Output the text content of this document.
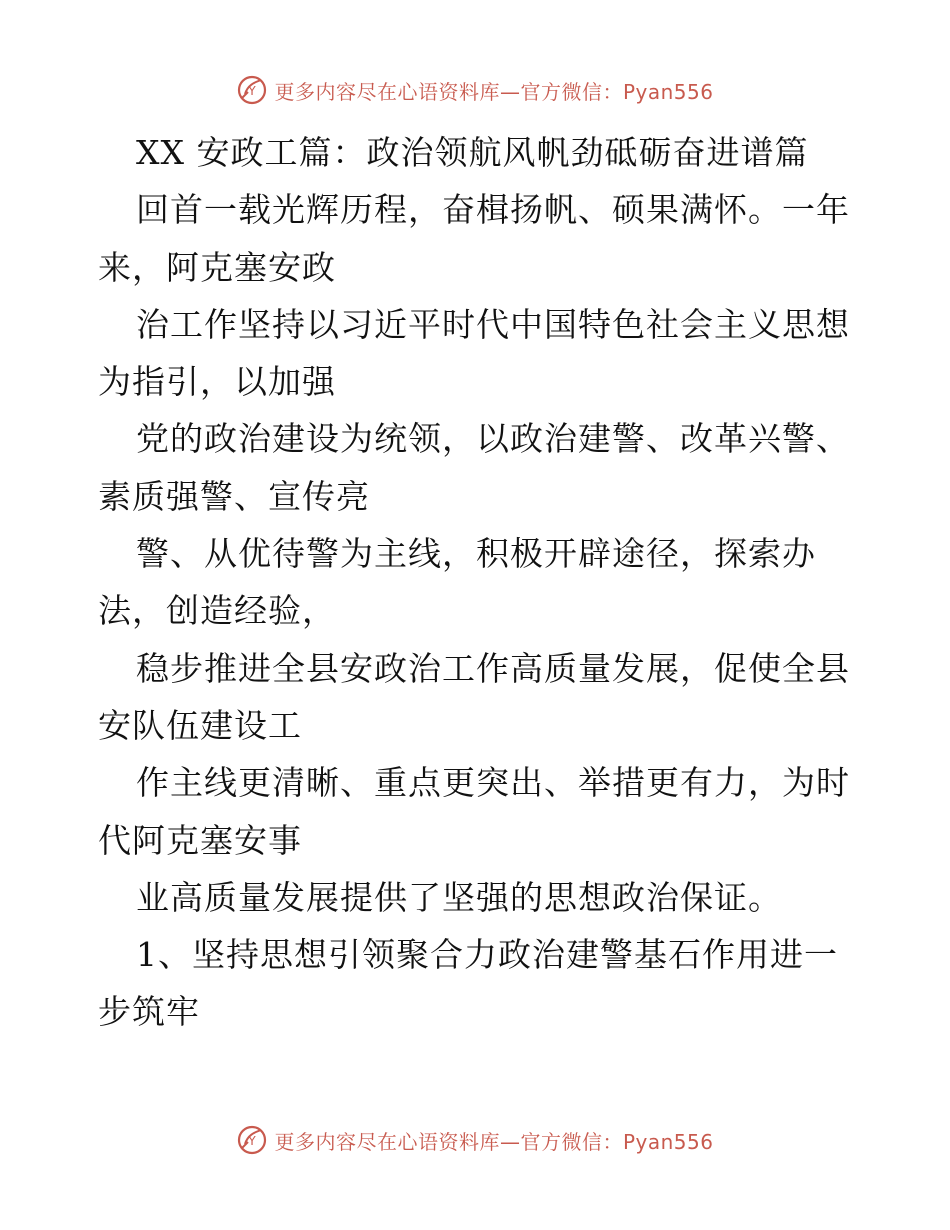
Y 更多内容尽在心语资料库—官方微信：Pyan556
XX 安政工篇：政治领航风帆劲砥砺奋进谱篇
回首一载光辉历程，奋楫扬帆、硕果满怀。一年
来，阿克塞安政
治工作坚持以习近平时代中国特色社会主义思想
为指引，以加强
党的政治建设为统领，以政治建警、改革兴警、
素质强警、宣传亮
警、从优待警为主线，积极开辟途径，探索办
法，创造经验，
稳步推进全县安政治工作高质量发展，促使全县
安队伍建设工
作主线更清晰、重点更突出、举措更有力，为时
代阿克塞安事
业高质量发展提供了坚强的思想政治保证。
1、坚持思想引领聚合力政治建警基石作用进一
步筑牢
Y 更多内容尽在心语资料库—官方微信：Pyan556
